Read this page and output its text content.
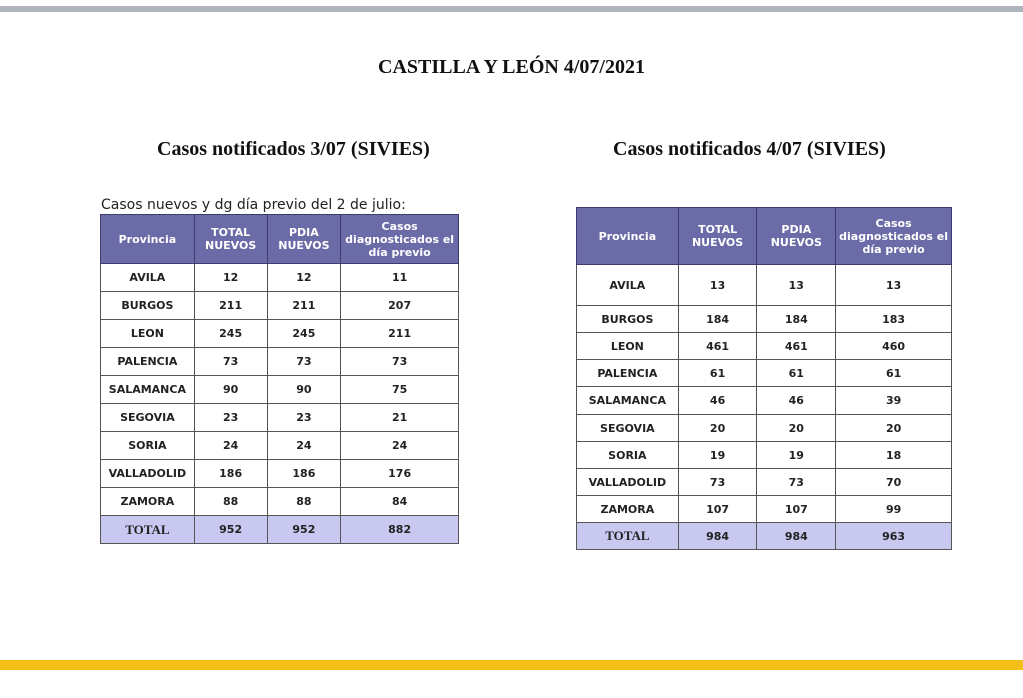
CASTILLA Y LEÓN 4/07/2021
Casos notificados 3/07 (SIVIES)	Casos notificados 4/07 (SIVIES)
Casos nuevos y dg día previo del 2 de julio:
Provincia	TOTAL NUEVOS	PDIA NUEVOS	Casos diagnosticados el día previo
AVILA	12	12	11
BURGOS	211	211	207
LEON	245	245	211
PALENCIA	73	73	73
SALAMANCA	90	90	75
SEGOVIA	23	23	21
SORIA	24	24	24
VALLADOLID	186	186	176
ZAMORA	88	88	84
TOTAL	952	952	882
Provincia	TOTAL NUEVOS	PDIA NUEVOS	Casos diagnosticados el día previo
AVILA	13	13	13
BURGOS	184	184	183
LEON	461	461	460
PALENCIA	61	61	61
SALAMANCA	46	46	39
SEGOVIA	20	20	20
SORIA	19	19	18
VALLADOLID	73	73	70
ZAMORA	107	107	99
TOTAL	984	984	963
